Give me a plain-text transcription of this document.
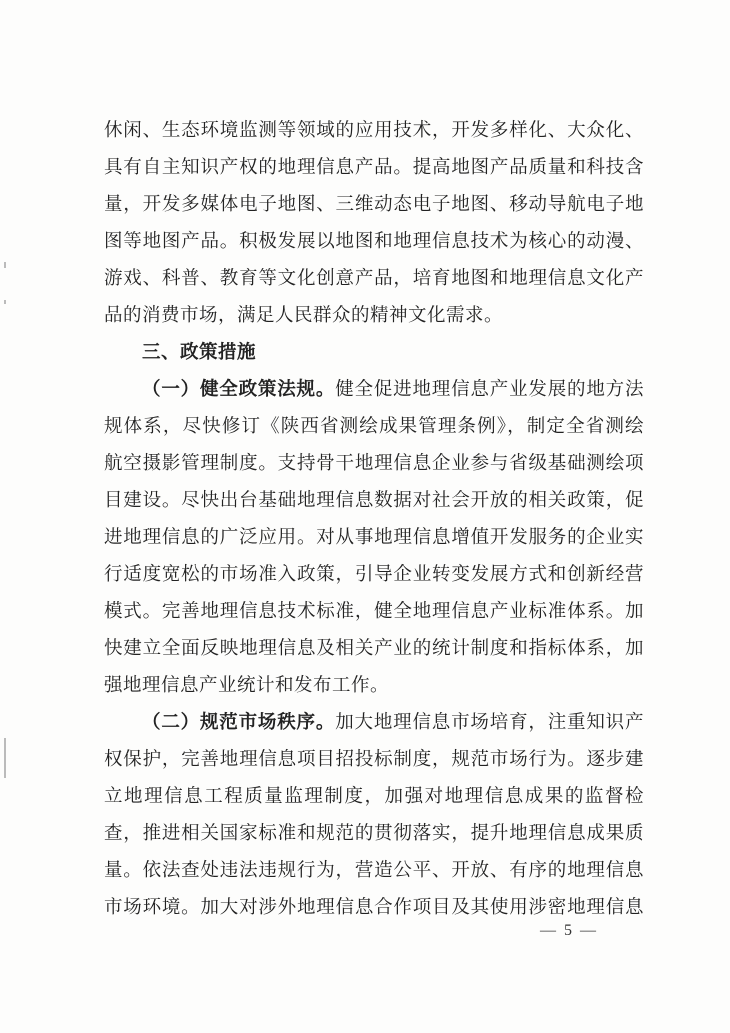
休闲、生态环境监测等领域的应用技术，开发多样化、大众化、
具有自主知识产权的地理信息产品。提高地图产品质量和科技含
量，开发多媒体电子地图、三维动态电子地图、移动导航电子地
图等地图产品。积极发展以地图和地理信息技术为核心的动漫、
游戏、科普、教育等文化创意产品，培育地图和地理信息文化产
品的消费市场，满足人民群众的精神文化需求。
三、政策措施
（一）健全政策法规。健全促进地理信息产业发展的地方法
规体系，尽快修订《陕西省测绘成果管理条例》，制定全省测绘
航空摄影管理制度。支持骨干地理信息企业参与省级基础测绘项
目建设。尽快出台基础地理信息数据对社会开放的相关政策，促
进地理信息的广泛应用。对从事地理信息增值开发服务的企业实
行适度宽松的市场准入政策，引导企业转变发展方式和创新经营
模式。完善地理信息技术标准，健全地理信息产业标准体系。加
快建立全面反映地理信息及相关产业的统计制度和指标体系，加
强地理信息产业统计和发布工作。
（二）规范市场秩序。加大地理信息市场培育，注重知识产
权保护，完善地理信息项目招投标制度，规范市场行为。逐步建
立地理信息工程质量监理制度，加强对地理信息成果的监督检
查，推进相关国家标准和规范的贯彻落实，提升地理信息成果质
量。依法查处违法违规行为，营造公平、开放、有序的地理信息
市场环境。加大对涉外地理信息合作项目及其使用涉密地理信息
— 5 —
